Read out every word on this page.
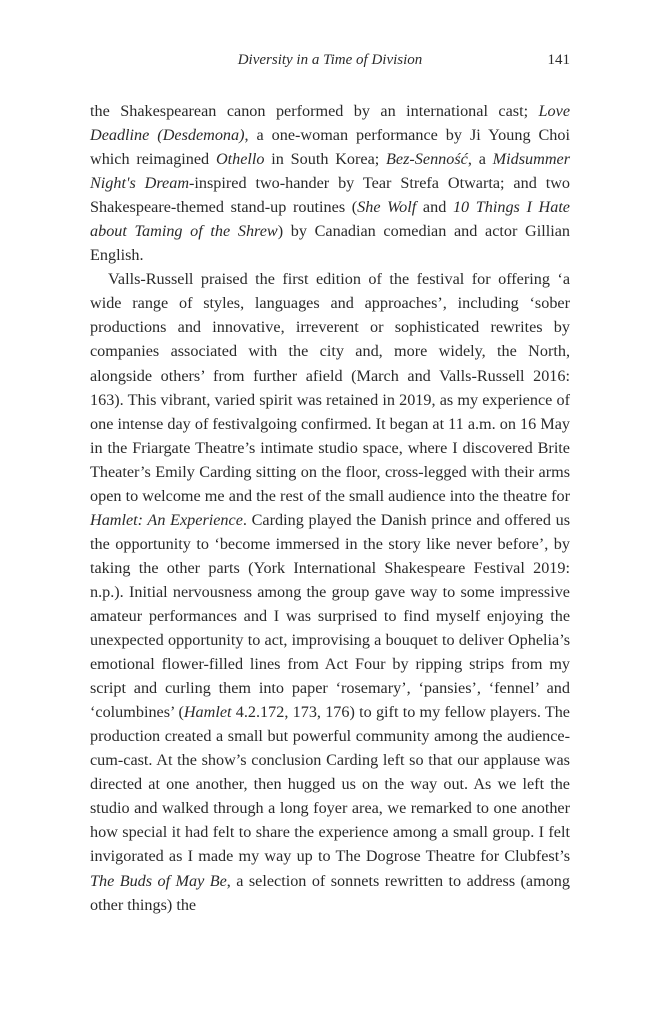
Diversity in a Time of Division	141

the Shakespearean canon performed by an international cast; Love Deadline (Desdemona), a one-woman performance by Ji Young Choi which reimagined Othello in South Korea; Bez-Senność, a Midsummer Night's Dream-inspired two-hander by Tear Strefa Otwarta; and two Shakespeare-themed stand-up routines (She Wolf and 10 Things I Hate about Taming of the Shrew) by Canadian comedian and actor Gillian English.

Valls-Russell praised the first edition of the festival for offering ‘a wide range of styles, languages and approaches’, including ‘sober productions and innovative, irreverent or sophisticated rewrites by companies associated with the city and, more widely, the North, alongside others’ from further afield (March and Valls-Russell 2016: 163). This vibrant, varied spirit was retained in 2019, as my experience of one intense day of festivalgoing confirmed. It began at 11 a.m. on 16 May in the Friargate Theatre’s intimate studio space, where I discovered Brite Theater’s Emily Carding sitting on the floor, cross-legged with their arms open to welcome me and the rest of the small audience into the theatre for Hamlet: An Experience. Carding played the Danish prince and offered us the opportunity to ‘become immersed in the story like never before’, by taking the other parts (York International Shakespeare Festival 2019: n.p.). Initial nervousness among the group gave way to some impressive amateur performances and I was surprised to find myself enjoying the unexpected opportunity to act, improvising a bouquet to deliver Ophelia’s emotional flower-filled lines from Act Four by ripping strips from my script and curling them into paper ‘rosemary’, ‘pansies’, ‘fennel’ and ‘columbines’ (Hamlet 4.2.172, 173, 176) to gift to my fellow players. The production created a small but powerful community among the audience-cum-cast. At the show’s conclusion Carding left so that our applause was directed at one another, then hugged us on the way out. As we left the studio and walked through a long foyer area, we remarked to one another how special it had felt to share the experience among a small group. I felt invigorated as I made my way up to The Dogrose Theatre for Clubfest’s The Buds of May Be, a selection of sonnets rewritten to address (among other things) the
